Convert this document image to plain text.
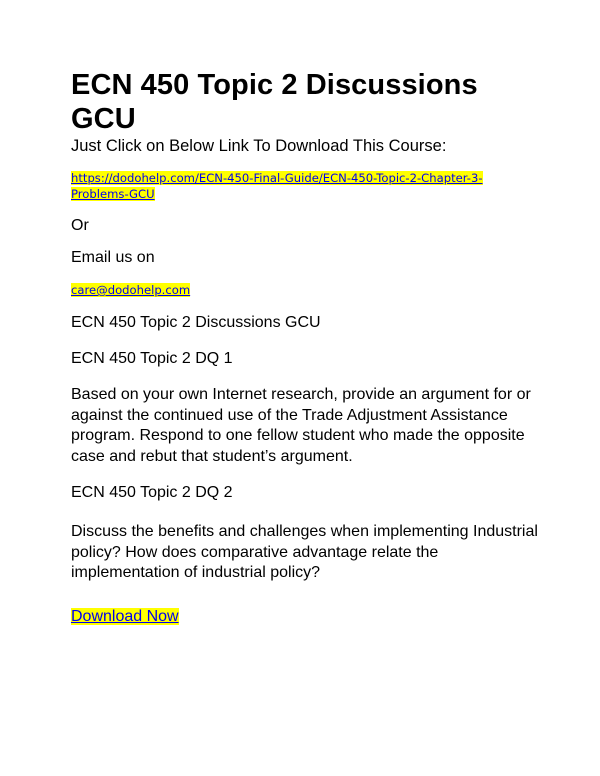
ECN 450 Topic 2 Discussions GCU

Just Click on Below Link To Download This Course:

https://dodohelp.com/ECN-450-Final-Guide/ECN-450-Topic-2-Chapter-3-
Problems-GCU

Or

Email us on

care@dodohelp.com

ECN 450 Topic 2 Discussions GCU

ECN 450 Topic 2 DQ 1

Based on your own Internet research, provide an argument for or against the continued use of the Trade Adjustment Assistance program. Respond to one fellow student who made the opposite case and rebut that student’s argument.

ECN 450 Topic 2 DQ 2

Discuss the benefits and challenges when implementing Industrial policy? How does comparative advantage relate the implementation of industrial policy?

Download Now
